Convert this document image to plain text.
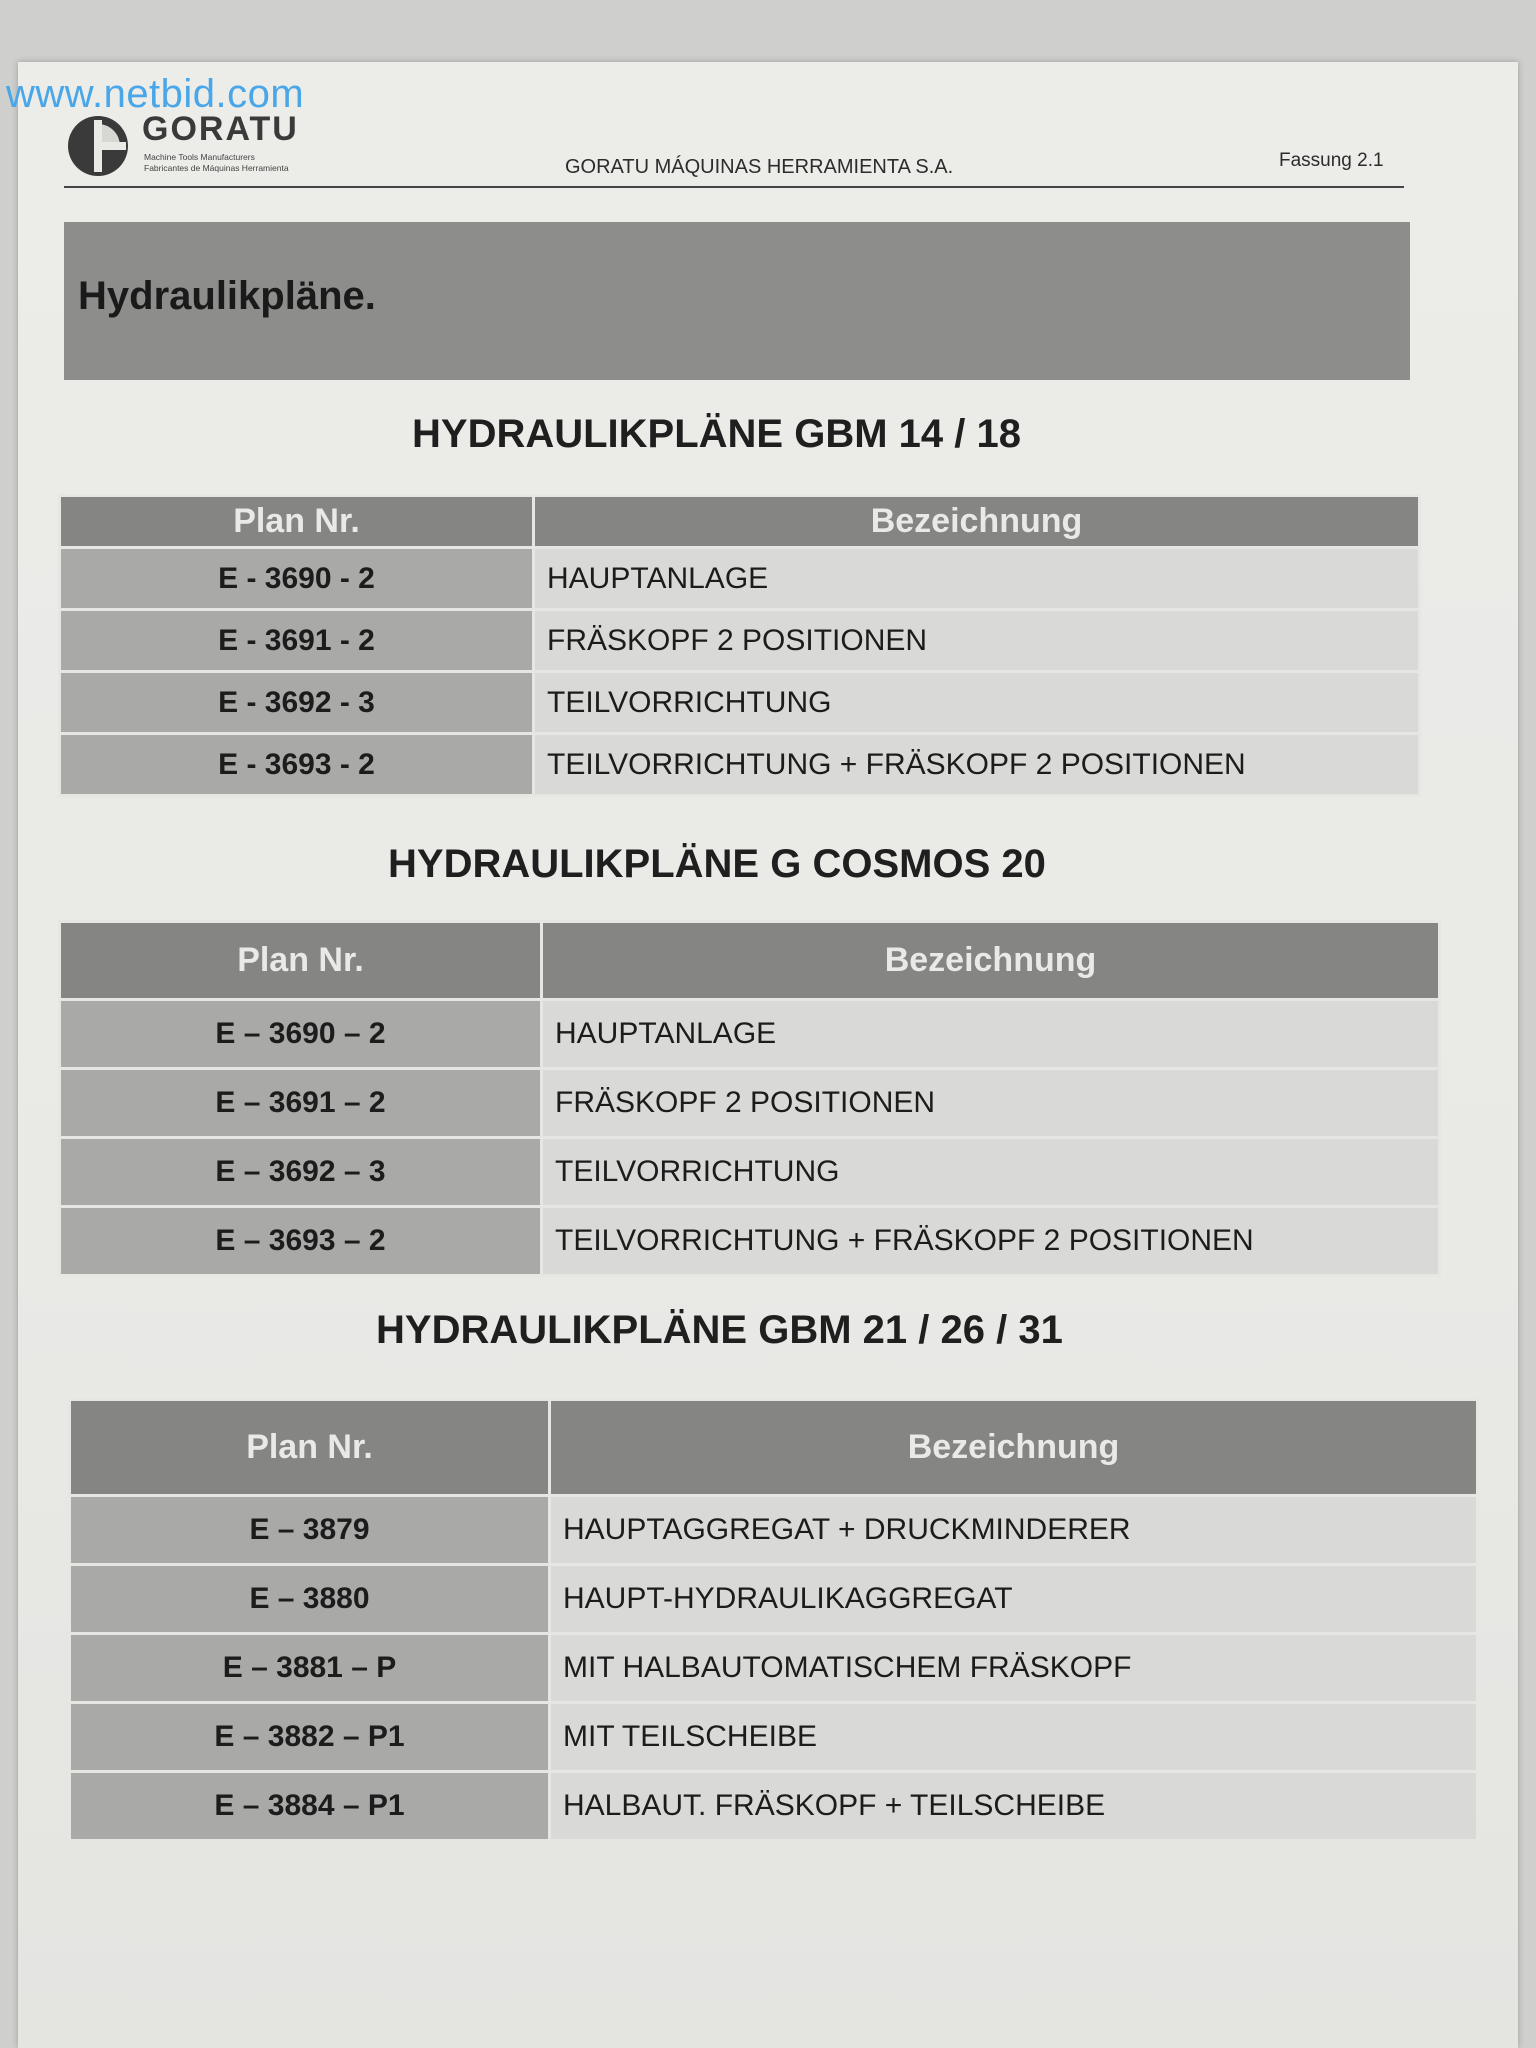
www.netbid.com
GORATU
Machine Tools Manufacturers
Fabricantes de Máquinas Herramienta	GORATU MÁQUINAS HERRAMIENTA S.A.	Fassung 2.1
Hydraulikpläne.
HYDRAULIKPLÄNE GBM 14 / 18
Plan Nr.	Bezeichnung
E - 3690 - 2	HAUPTANLAGE
E - 3691 - 2	FRÄSKOPF 2 POSITIONEN
E - 3692 - 3	TEILVORRICHTUNG
E - 3693 - 2	TEILVORRICHTUNG + FRÄSKOPF 2 POSITIONEN
HYDRAULIKPLÄNE G COSMOS 20
Plan Nr.	Bezeichnung
E – 3690 – 2	HAUPTANLAGE
E – 3691 – 2	FRÄSKOPF 2 POSITIONEN
E – 3692 – 3	TEILVORRICHTUNG
E – 3693 – 2	TEILVORRICHTUNG + FRÄSKOPF 2 POSITIONEN
HYDRAULIKPLÄNE GBM 21 / 26 / 31
Plan Nr.	Bezeichnung
E – 3879	HAUPTAGGREGAT + DRUCKMINDERER
E – 3880	HAUPT-HYDRAULIKAGGREGAT
E – 3881 – P	MIT HALBAUTOMATISCHEM FRÄSKOPF
E – 3882 – P1	MIT TEILSCHEIBE
E – 3884 – P1	HALBAUT. FRÄSKOPF + TEILSCHEIBE
